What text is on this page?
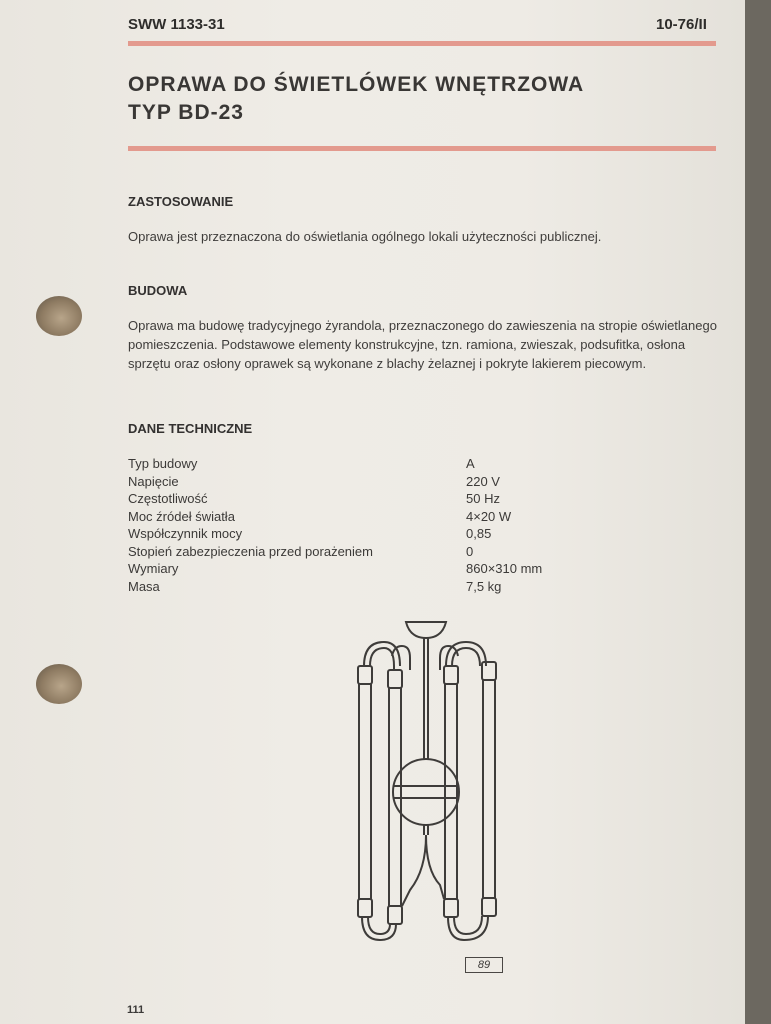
SWW 1133-31	10-76/II
OPRAWA DO ŚWIETLÓWEK WNĘTRZOWA
TYP BD-23
ZASTOSOWANIE

Oprawa jest przeznaczona do oświetlania ogólnego lokali użyteczności publicznej.

BUDOWA

Oprawa ma budowę tradycyjnego żyrandola, przeznaczonego do zawieszenia na stropie oświetlanego pomieszczenia. Podstawowe elementy konstrukcyjne, tzn. ramiona, zwieszak, podsufitka, osłona sprzętu oraz osłony oprawek są wykonane z blachy żelaznej i pokryte lakierem piecowym.

DANE TECHNICZNE
Typ budowy	A
Napięcie	220 V
Częstotliwość	50 Hz
Moc źródeł światła	4×20 W
Współczynnik mocy	0,85
Stopień zabezpieczenia przed porażeniem	0
Wymiary	860×310 mm
Masa	7,5 kg
89
111
